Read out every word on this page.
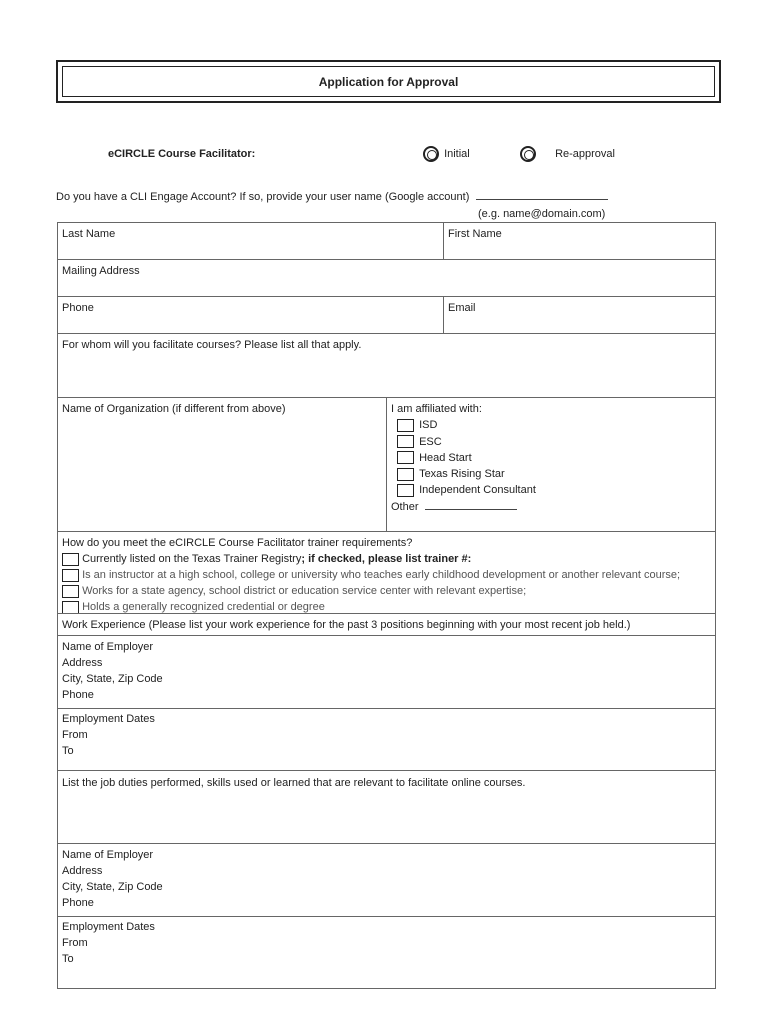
Application for Approval
eCIRCLE Course Facilitator:	Initial	Re-approval
Do you have a CLI Engage Account? If so, provide your user name (Google account)
(e.g. name@domain.com)
Last Name	First Name
Mailing Address
Phone	Email
For whom will you facilitate courses? Please list all that apply.
Name of Organization (if different from above)	I am affiliated with:
ISD
ESC
Head Start
Texas Rising Star
Independent Consultant
Other
How do you meet the eCIRCLE Course Facilitator trainer requirements?
Currently listed on the Texas Trainer Registry; if checked, please list trainer #:
Is an instructor at a high school, college or university who teaches early childhood development or another relevant course;
Works for a state agency, school district or education service center with relevant expertise;
Holds a generally recognized credential or degree
Work Experience (Please list your work experience for the past 3 positions beginning with your most recent job held.)
Name of Employer
Address
City, State, Zip Code
Phone
Employment Dates
From
To
List the job duties performed, skills used or learned that are relevant to facilitate online courses.
Name of Employer
Address
City, State, Zip Code
Phone
Employment Dates
From
To
